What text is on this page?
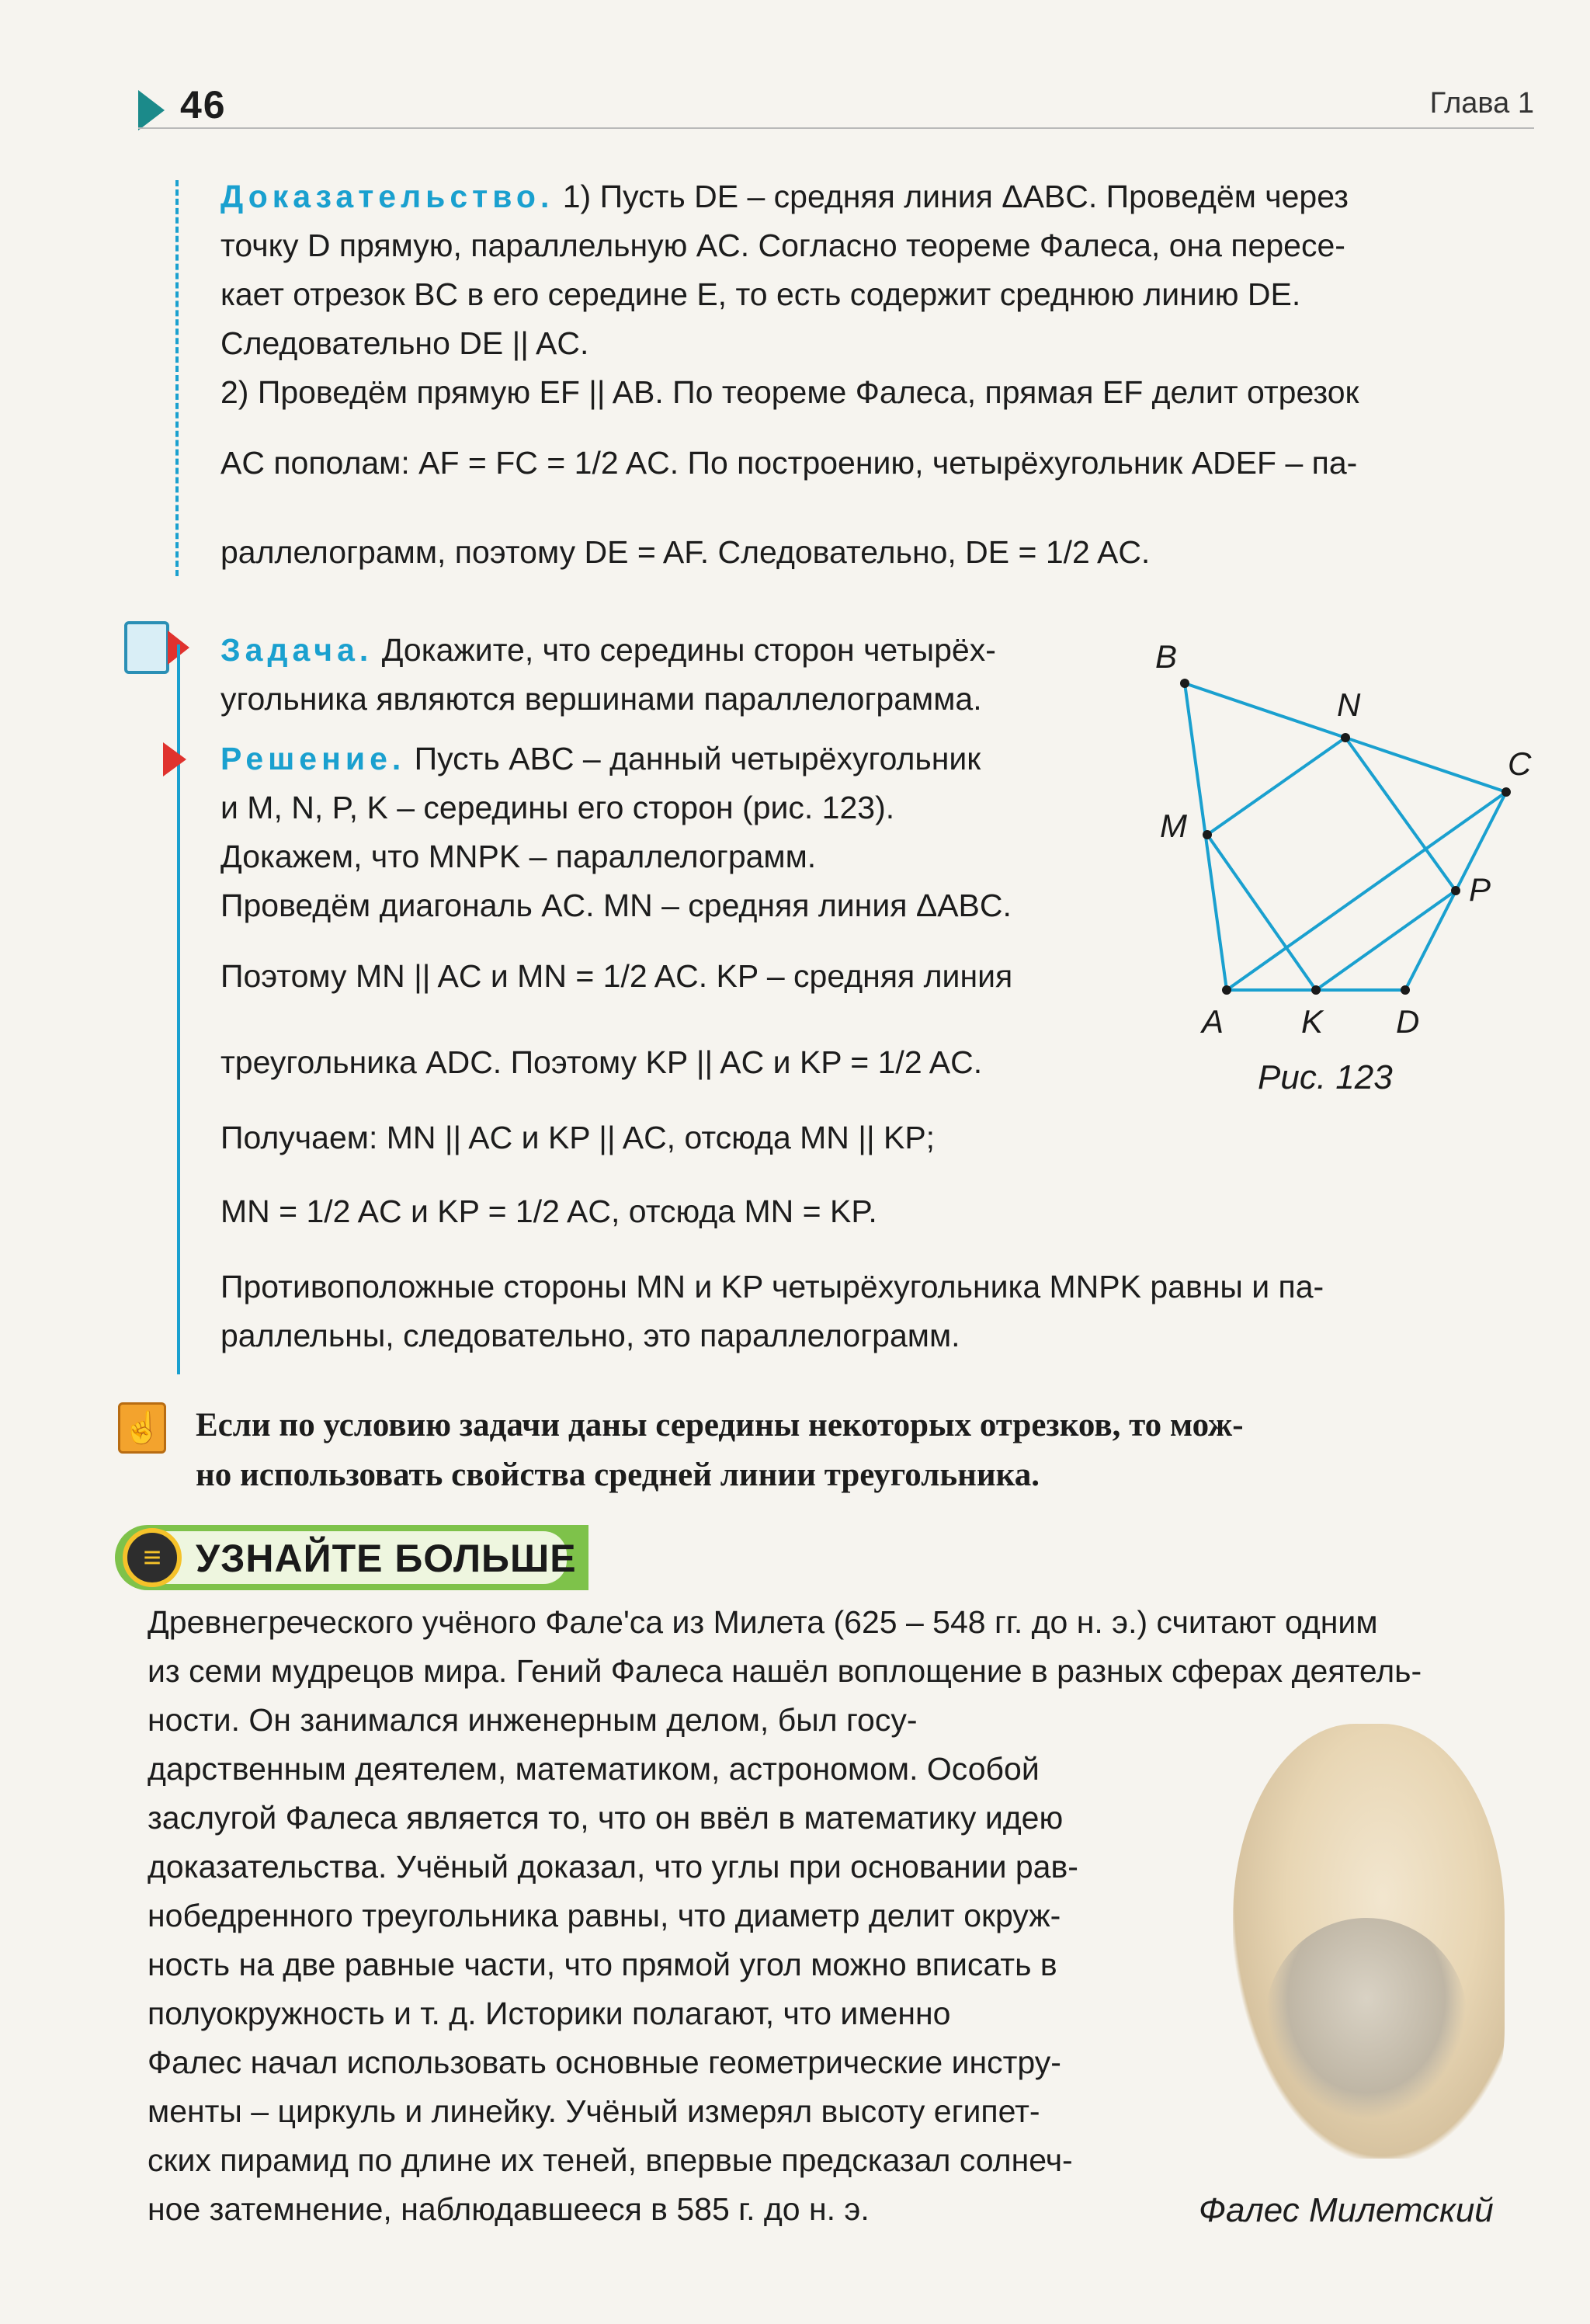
46	Глава 1
Доказательство. 1) Пусть DE – средняя линия ΔABC. Проведём через
точку D прямую, параллельную AC. Согласно теореме Фалеса, она пересе-
кает отрезок BC в его середине E, то есть содержит среднюю линию DE.
Следовательно DE || AC.
2) Проведём прямую EF || AB. По теореме Фалеса, прямая EF делит отрезок
AC пополам: AF = FC = 1/2 AC. По построению, четырёхугольник ADEF – па-
раллелограмм, поэтому DE = AF. Следовательно, DE = 1/2 AC.
Задача. Докажите, что середины сторон четырёх-
угольника являются вершинами параллелограмма.
Решение. Пусть ABC – данный четырёхугольник
и M, N, P, K – середины его сторон (рис. 123).
Докажем, что MNPK – параллелограмм.
Проведём диагональ AC. MN – средняя линия ΔABC.
Поэтому MN || AC и MN = 1/2 AC. KP – средняя линия
треугольника ADC. Поэтому KP || AC и KP = 1/2 AC.
Получаем: MN || AC и KP || AC, отсюда MN || KP;
MN = 1/2 AC и KP = 1/2 AC, отсюда MN = KP.
Противоположные стороны MN и KP четырёхугольника MNPK равны и па-
раллельны, следовательно, это параллелограмм.
B
N
C
M
P
A K D
Рис. 123
☝ Если по условию задачи даны середины некоторых отрезков, то мож-
но использовать свойства средней линии треугольника.
≡ УЗНАЙТЕ БОЛЬШЕ
Древнегреческого учёного Фале'са из Милета (625 – 548 гг. до н. э.) считают одним
из семи мудрецов мира. Гений Фалеса нашёл воплощение в разных сферах деятель-
ности. Он занимался инженерным делом, был госу-
дарственным деятелем, математиком, астрономом. Особой
заслугой Фалеса является то, что он ввёл в математику идею
доказательства. Учёный доказал, что углы при основании рав-
нобедренного треугольника равны, что диаметр делит окруж-
ность на две равные части, что прямой угол можно вписать в
полуокружность и т. д. Историки полагают, что именно
Фалес начал использовать основные геометрические инстру-
менты – циркуль и линейку. Учёный измерял высоту египет-
ских пирамид по длине их теней, впервые предсказал солнеч-
ное затемнение, наблюдавшееся в 585 г. до н. э.	Фалес Милетский
